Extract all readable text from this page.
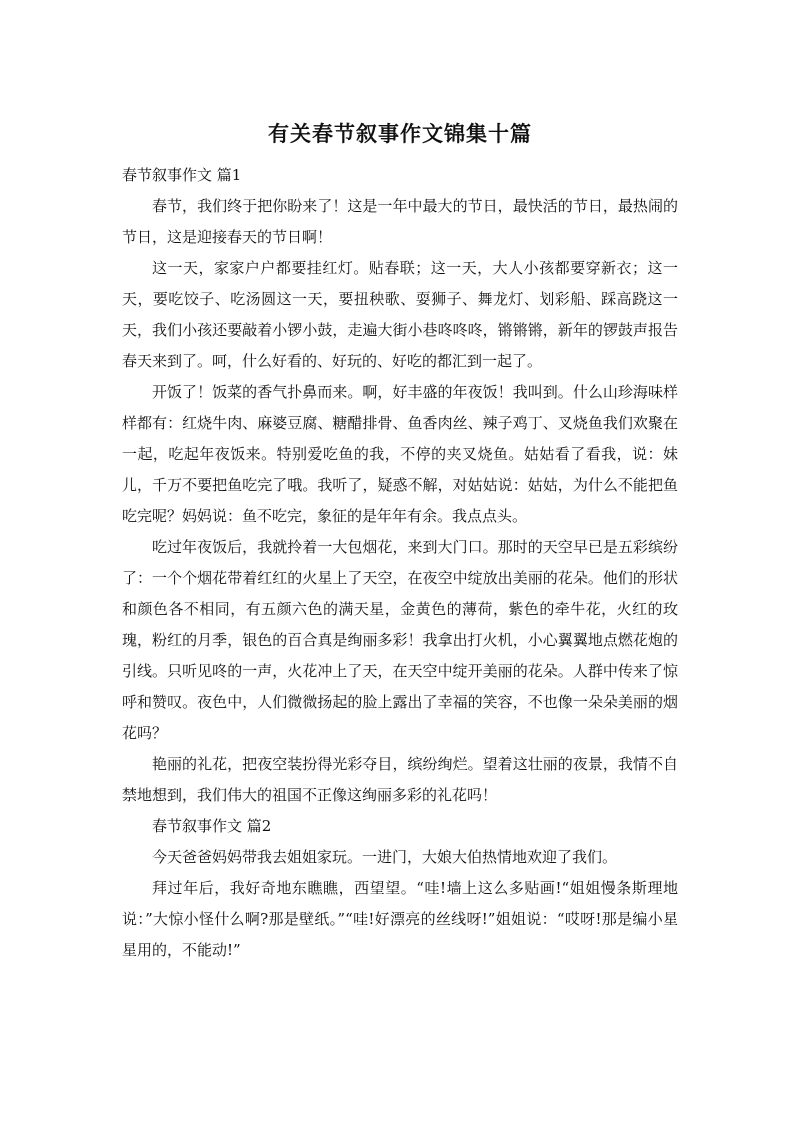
有关春节叙事作文锦集十篇

春节叙事作文 篇1

春节，我们终于把你盼来了！这是一年中最大的节日，最快活的节日，最热闹的节日，这是迎接春天的节日啊！

这一天，家家户户都要挂红灯。贴春联；这一天，大人小孩都要穿新衣；这一天，要吃饺子、吃汤圆这一天，要扭秧歌、耍狮子、舞龙灯、划彩船、踩高跷这一天，我们小孩还要敲着小锣小鼓，走遍大街小巷咚咚咚，锵锵锵，新年的锣鼓声报告春天来到了。呵，什么好看的、好玩的、好吃的都汇到一起了。

开饭了！饭菜的香气扑鼻而来。啊，好丰盛的年夜饭！我叫到。什么山珍海味样样都有：红烧牛肉、麻婆豆腐、糖醋排骨、鱼香肉丝、辣子鸡丁、叉烧鱼我们欢聚在一起，吃起年夜饭来。特别爱吃鱼的我，不停的夹叉烧鱼。姑姑看了看我，说：妹儿，千万不要把鱼吃完了哦。我听了，疑惑不解，对姑姑说：姑姑，为什么不能把鱼吃完呢？妈妈说：鱼不吃完，象征的是年年有余。我点点头。

吃过年夜饭后，我就拎着一大包烟花，来到大门口。那时的天空早已是五彩缤纷了：一个个烟花带着红红的火星上了天空，在夜空中绽放出美丽的花朵。他们的形状和颜色各不相同，有五颜六色的满天星，金黄色的薄荷，紫色的牵牛花，火红的玫瑰，粉红的月季，银色的百合真是绚丽多彩！我拿出打火机，小心翼翼地点燃花炮的引线。只听见咚的一声，火花冲上了天，在天空中绽开美丽的花朵。人群中传来了惊呼和赞叹。夜色中，人们微微扬起的脸上露出了幸福的笑容，不也像一朵朵美丽的烟花吗？

艳丽的礼花，把夜空装扮得光彩夺目，缤纷绚烂。望着这壮丽的夜景，我情不自禁地想到，我们伟大的祖国不正像这绚丽多彩的礼花吗！

春节叙事作文 篇2

今天爸爸妈妈带我去姐姐家玩。一进门，大娘大伯热情地欢迎了我们。

拜过年后，我好奇地东瞧瞧，西望望。“哇!墙上这么多贴画!“姐姐慢条斯理地说：”大惊小怪什么啊?那是壁纸。”“哇!好漂亮的丝线呀!”姐姐说：“哎呀!那是编小星星用的，不能动!”
